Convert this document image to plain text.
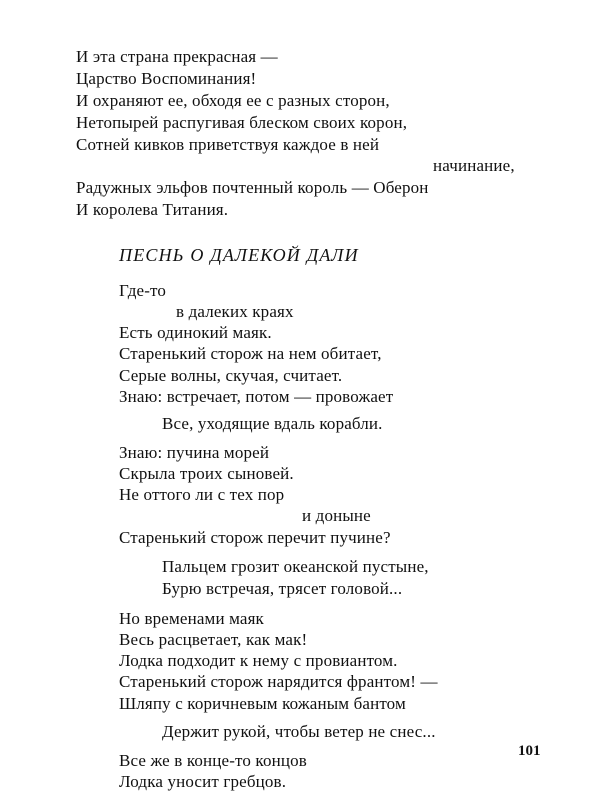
И эта страна прекрасная —
Царство Воспоминания!
И охраняют ее, обходя ее с разных сторон,
Нетопырей распугивая блеском своих корон,
Сотней кивков приветствуя каждое в ней
начинание,
Радужных эльфов почтенный король — Оберон
И королева Титания.
ПЕСНЬ О ДАЛЕКОЙ ДАЛИ
Где-то
в далеких краях
Есть одинокий маяк.
Старенький сторож на нем обитает,
Серые волны, скучая, считает.
Знаю: встречает, потом — провожает
Все, уходящие вдаль корабли.
Знаю: пучина морей
Скрыла троих сыновей.
Не оттого ли с тех пор
и доныне
Старенький сторож перечит пучине?
Пальцем грозит океанской пустыне,
Бурю встречая, трясет головой...
Но временами маяк
Весь расцветает, как мак!
Лодка подходит к нему с провиантом.
Старенький сторож нарядится франтом! —
Шляпу с коричневым кожаным бантом
Держит рукой, чтобы ветер не снес...
Все же в конце-то концов
Лодка уносит гребцов.
101
